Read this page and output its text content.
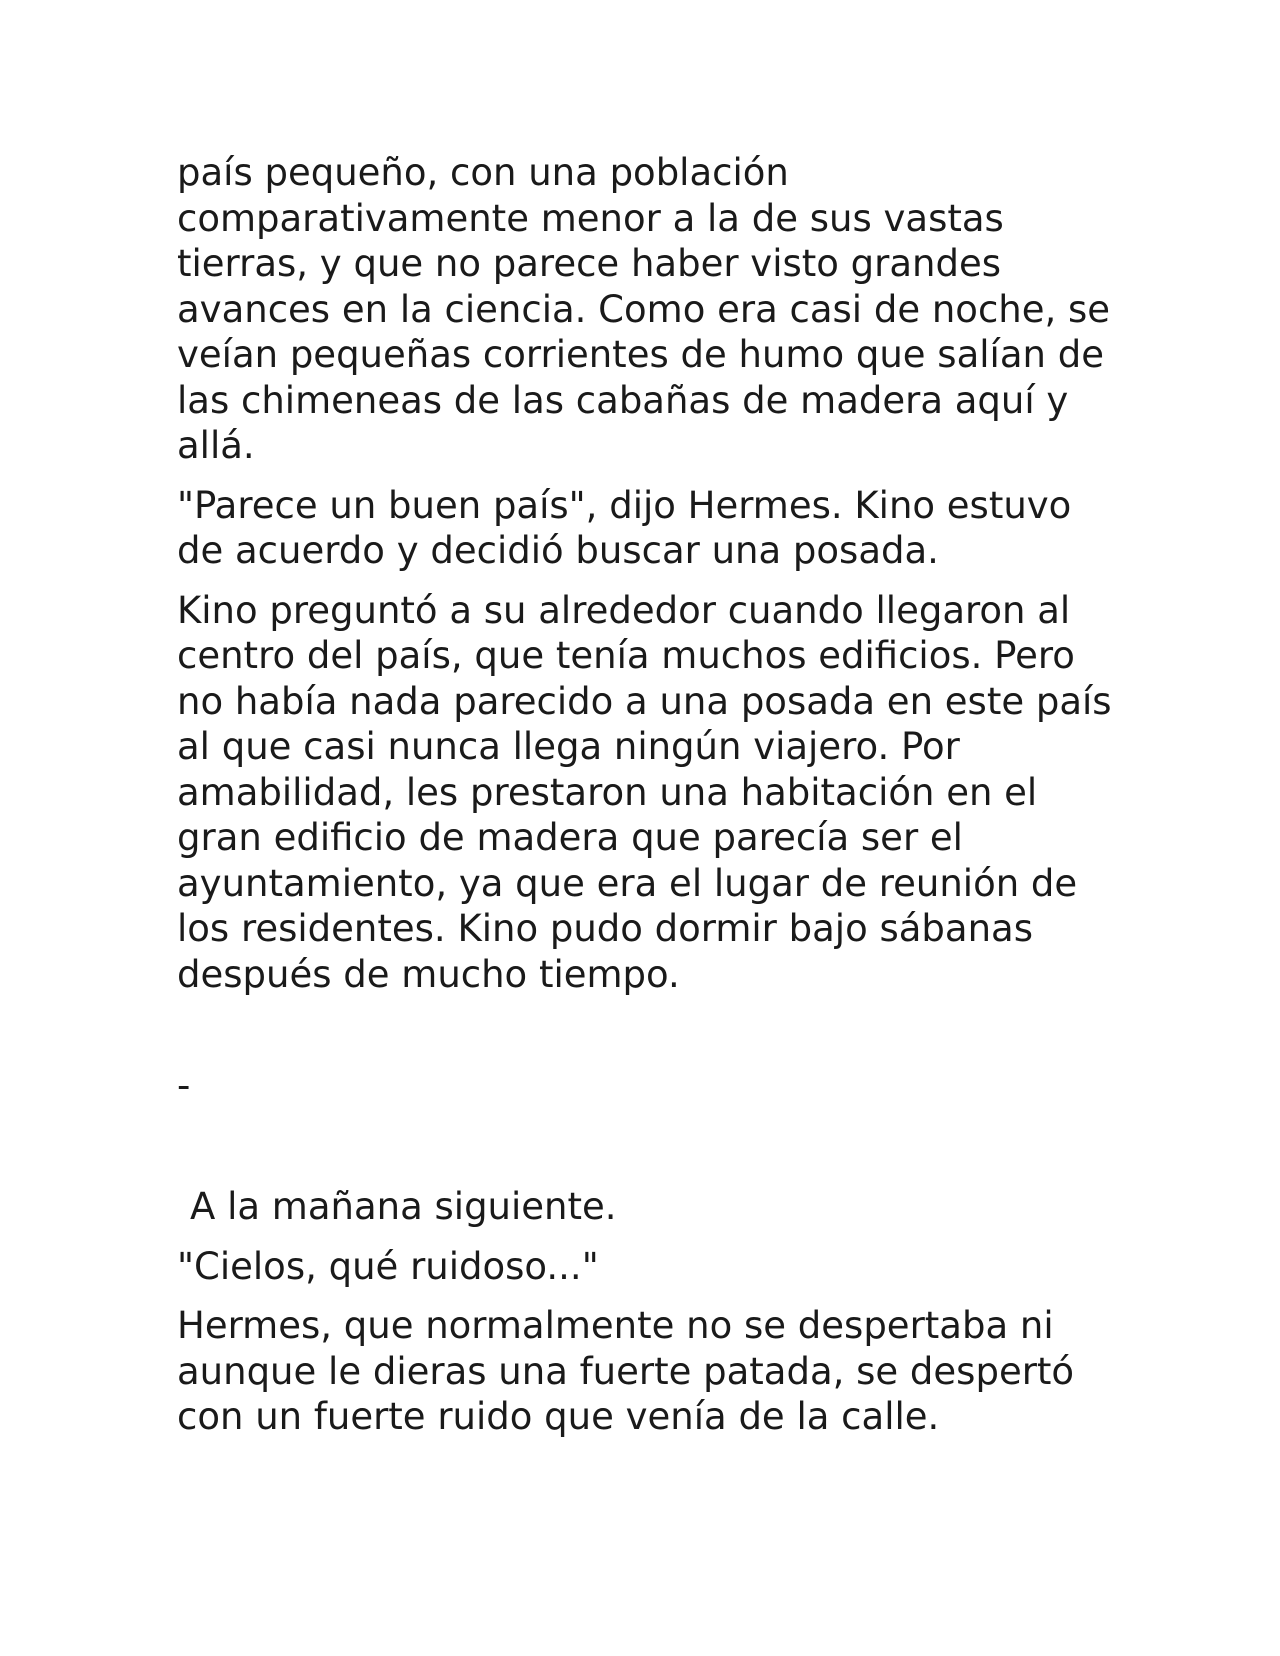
país pequeño, con una población comparativamente menor a la de sus vastas tierras, y que no parece haber visto grandes avances en la ciencia. Como era casi de noche, se veían pequeñas corrientes de humo que salían de las chimeneas de las cabañas de madera aquí y allá.

"Parece un buen país", dijo Hermes. Kino estuvo de acuerdo y decidió buscar una posada.

Kino preguntó a su alrededor cuando llegaron al centro del país, que tenía muchos edificios. Pero no había nada parecido a una posada en este país al que casi nunca llega ningún viajero. Por amabilidad, les prestaron una habitación en el gran edificio de madera que parecía ser el ayuntamiento, ya que era el lugar de reunión de los residentes. Kino pudo dormir bajo sábanas después de mucho tiempo.

-

A la mañana siguiente.

"Cielos, qué ruidoso..."

Hermes, que normalmente no se despertaba ni aunque le dieras una fuerte patada, se despertó con un fuerte ruido que venía de la calle.
